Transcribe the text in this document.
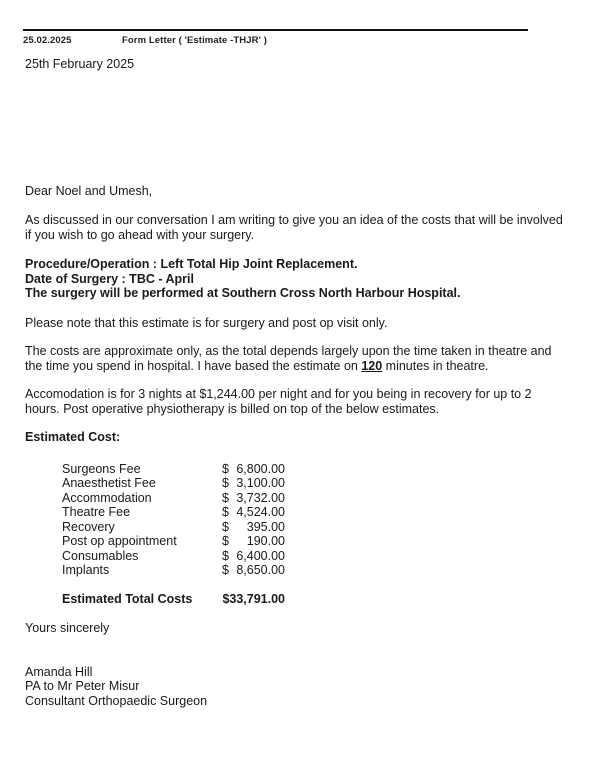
25.02.2025	Form Letter ( 'Estimate -THJR' )
25th February 2025
Dear Noel and Umesh,
As discussed in our conversation I am writing to give you an idea of the costs that will be involved
if you wish to go ahead with your surgery.
Procedure/Operation : Left Total Hip Joint Replacement.
Date of Surgery : TBC - April
The surgery will be performed at Southern Cross North Harbour Hospital.
Please note that this estimate is for surgery and post op visit only.
The costs are approximate only, as the total depends largely upon the time taken in theatre and
the time you spend in hospital. I have based the estimate on 120 minutes in theatre.
Accomodation is for 3 nights at $1,244.00 per night and for you being in recovery for up to 2
hours. Post operative physiotherapy is billed on top of the below estimates.
Estimated Cost:
Surgeons Fee	$ 6,800.00
Anaesthetist Fee	$ 3,100.00
Accommodation	$ 3,732.00
Theatre Fee	$ 4,524.00
Recovery	$ 395.00
Post op appointment	$ 190.00
Consumables	$ 6,400.00
Implants	$ 8,650.00
Estimated Total Costs	$33,791.00
Yours sincerely
Amanda Hill
PA to Mr Peter Misur
Consultant Orthopaedic Surgeon
